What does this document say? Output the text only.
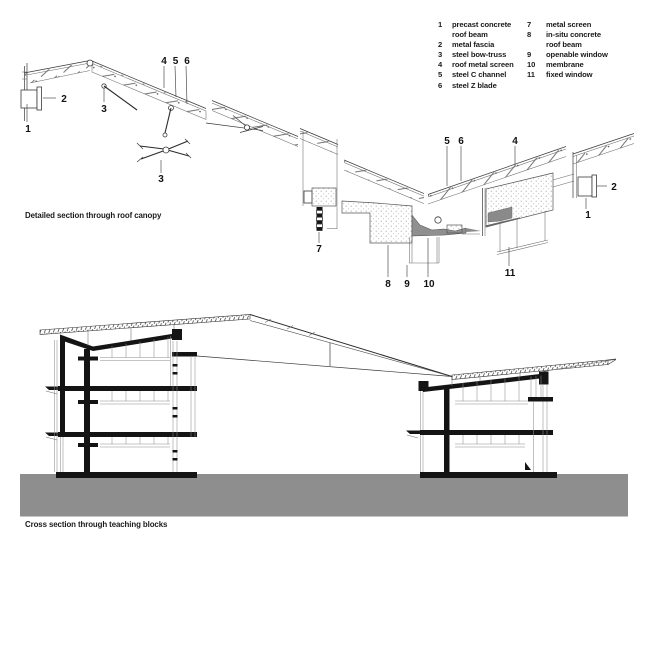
1
2
3
4 5 6
3
5 6	4
2
1
7
8 9 10
11
1	precast concrete roof beam
2	metal fascia
3	steel bow-truss
4	roof metal screen
5	steel C channel
6	steel Z blade
7	metal screen
8	in-situ concrete roof beam
9	openable window
10	membrane
11	fixed window
Detailed section through roof canopy
Cross section through teaching blocks
